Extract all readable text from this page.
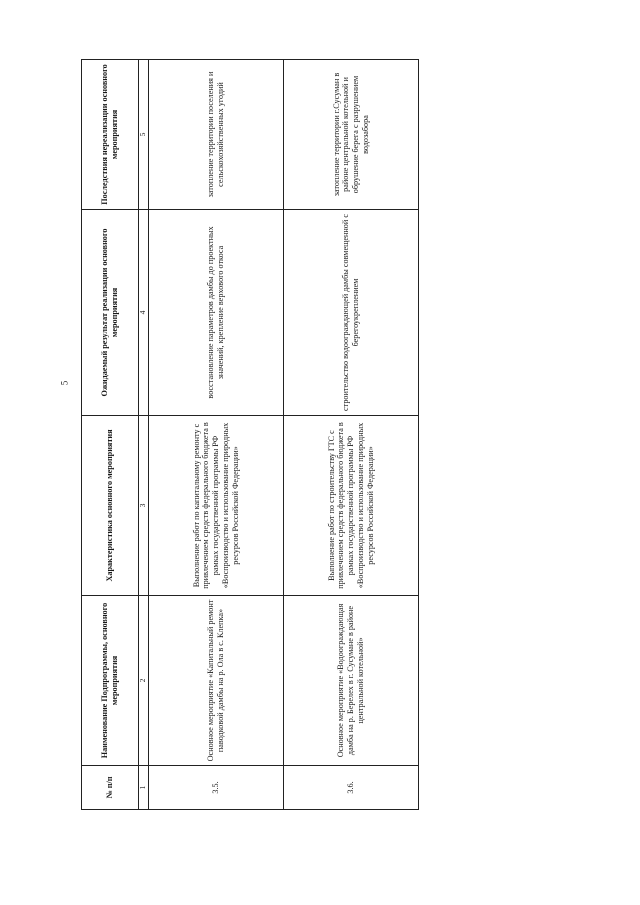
5
№ п/п	Наименование Подпрограммы, основного мероприятия	Характеристика основного мероприятия	Ожидаемый результат реализации основного мероприятия	Последствия нереализации основного мероприятия
1	2	3	4	5
3.5.	Основное мероприятие «Капитальный ремонт паводковой дамбы на р. Ола в с. Клепка»	Выполнение работ по капитальному ремонту с привлечением средств федерального бюджета в рамках государственной программы РФ «Воспроизводство и использование природных ресурсов Российской Федерации»	восстановление параметров дамбы до проектных значений, крепление верхового откоса	затопление территории поселения и сельскохозяйственных угодий
3.6.	Основное мероприятие «Водоограждающая дамба на р. Берелех в г. Сусумане в районе центральной котельной»	Выполнение работ по строительству ГТС с привлечением средств федерального бюджета в рамках государственной программы РФ «Воспроизводство и использование природных ресурсов Российской Федерации»	строительство водоограждающей дамбы совмещенной с берегоукреплением	затопление территории г.Сусуман в районе центральной котельной и обрушение берега с разрушением водозабора
